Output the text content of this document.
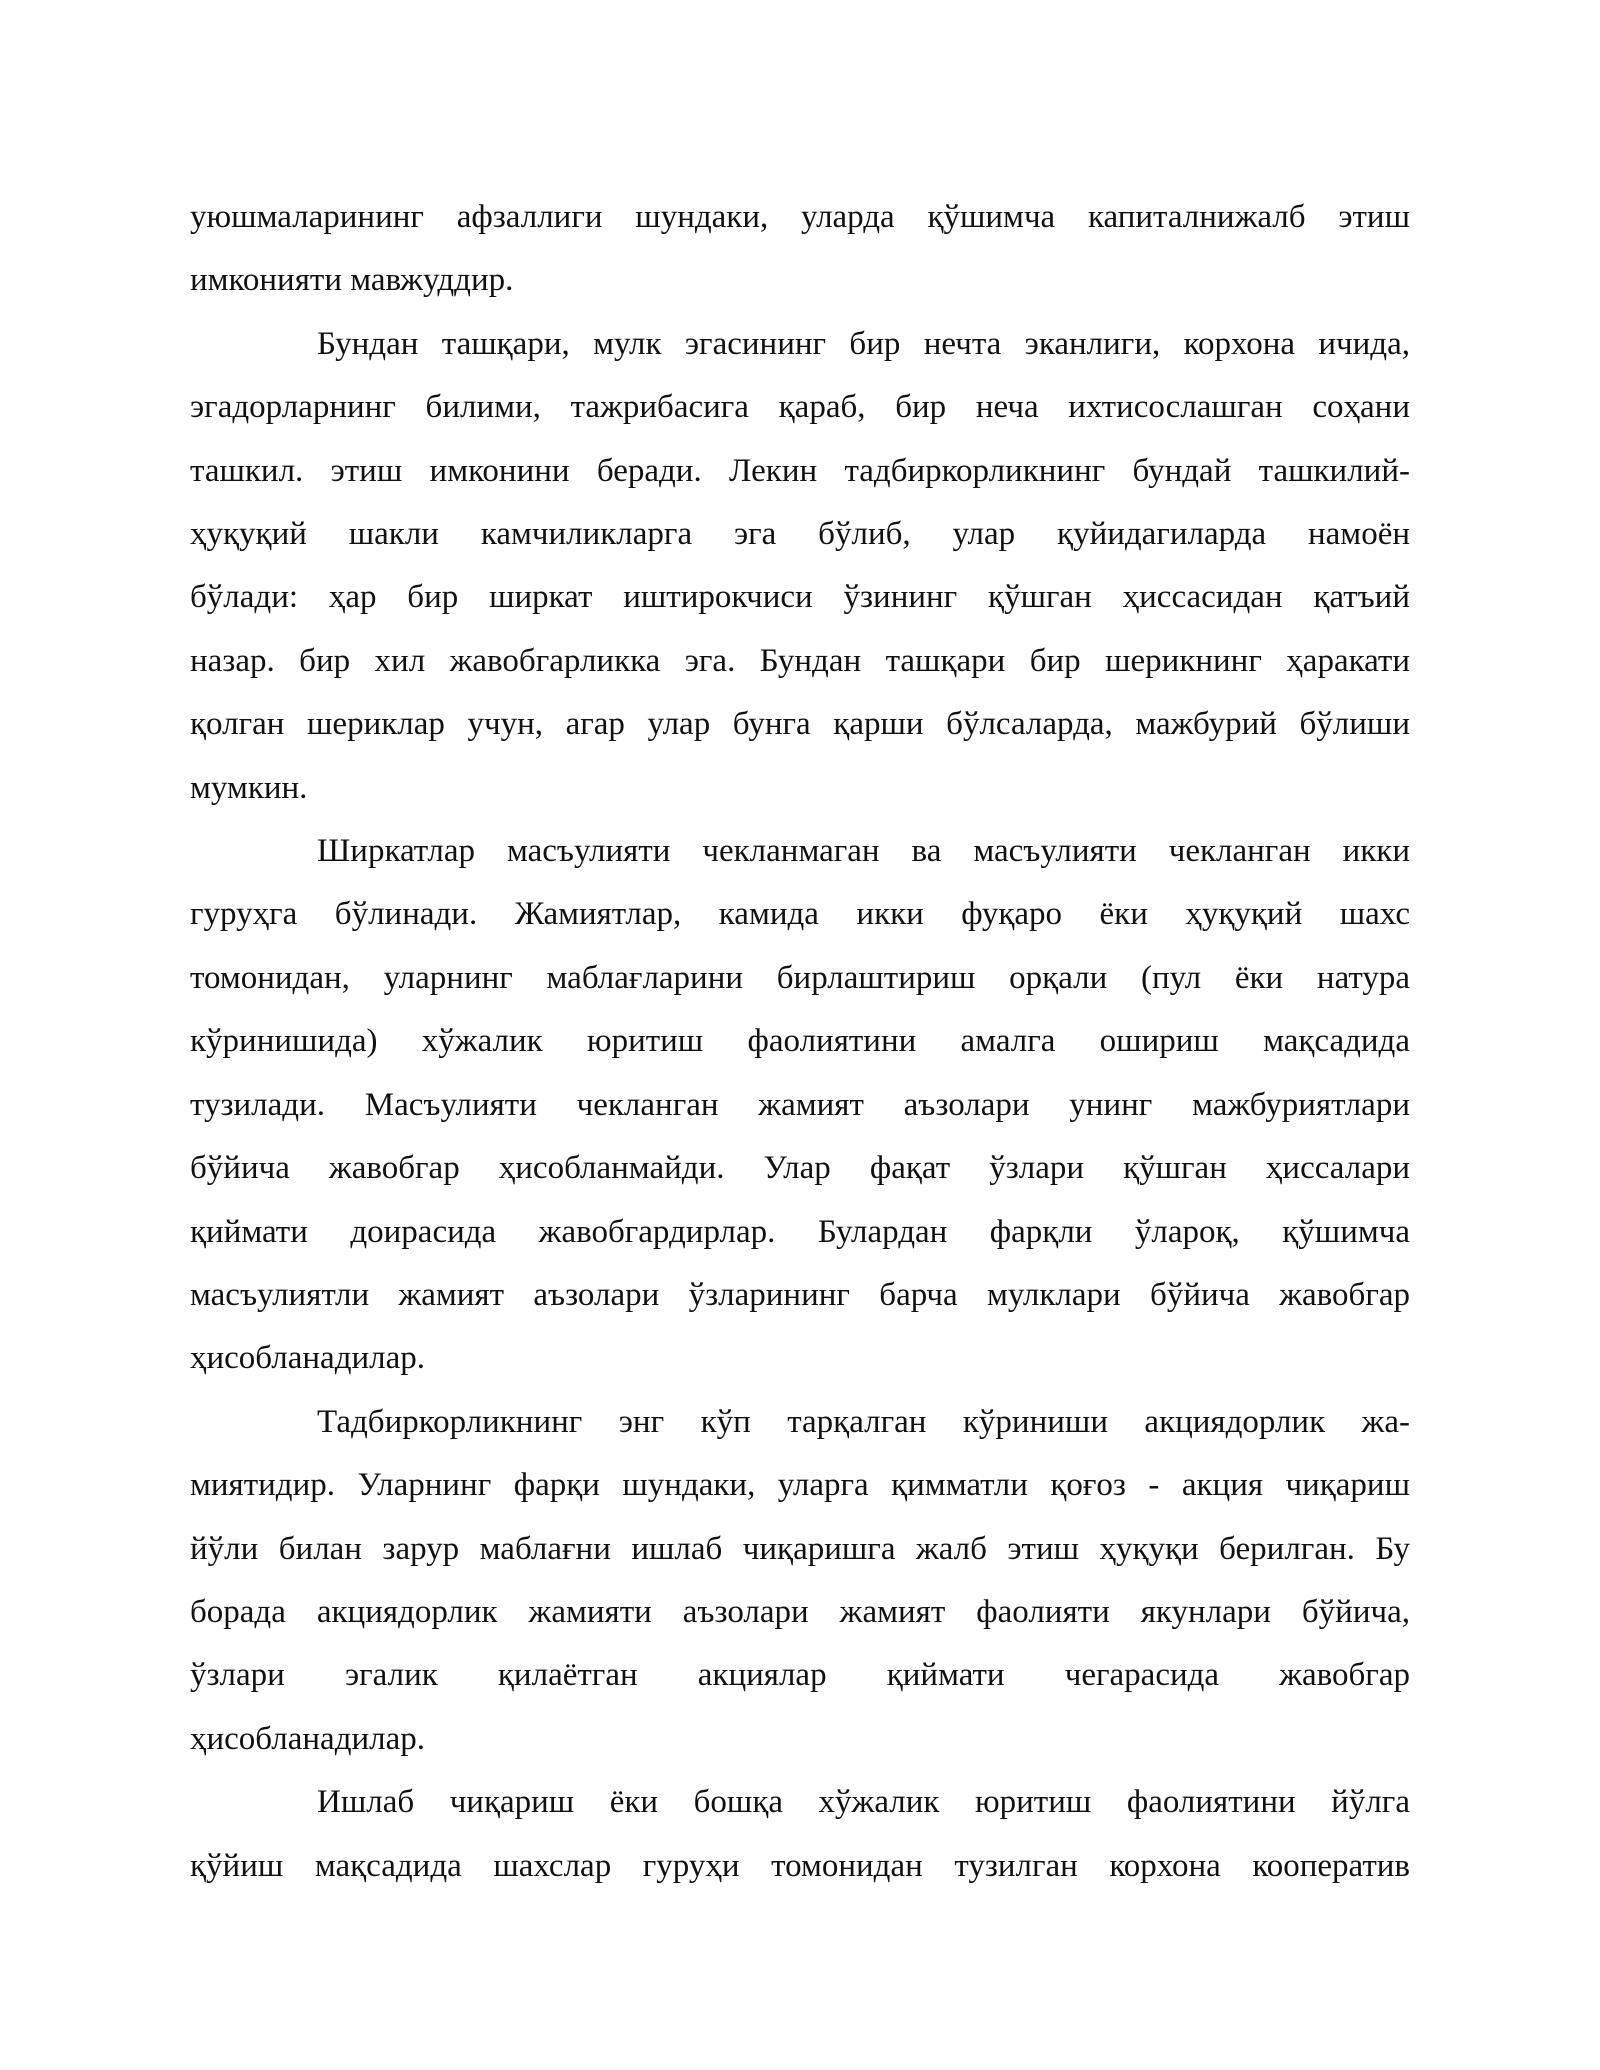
уюшмаларининг афзаллиги шундаки, уларда қўшимча капиталнижалб этиш
имконияти мавжуддир.
Бундан ташқари, мулк эгасининг бир нечта эканлиги, корхона ичида,
эгадорларнинг билими, тажрибасига қараб, бир неча ихтисослашган соҳани
ташкил. этиш имконини беради. Лекин тадбиркорликнинг бундай ташкилий-
ҳуқуқий шакли камчиликларга эга бўлиб, улар қуйидагиларда намоён
бўлади: ҳар бир ширкат иштирокчиси ўзининг қўшган ҳиссасидан қатъий
назар. бир хил жавобгарликка эга. Бундан ташқари бир шерикнинг ҳаракати
қолган шериклар учун, агар улар бунга қарши бўлсаларда, мажбурий бўлиши
мумкин.
Ширкатлар масъулияти чекланмаган ва масъулияти чекланган икки
гуруҳга бўлинади. Жамиятлар, камида икки фуқаро ёки ҳуқуқий шахс
томонидан, уларнинг маблағларини бирлаштириш орқали (пул ёки натура
кўринишида) хўжалик юритиш фаолиятини амалга ошириш мақсадида
тузилади. Масъулияти чекланган жамият аъзолари унинг мажбуриятлари
бўйича жавобгар ҳисобланмайди. Улар фақат ўзлари қўшган ҳиссалари
қиймати доирасида жавобгардирлар. Булардан фарқли ўлароқ, қўшимча
масъулиятли жамият аъзолари ўзларининг барча мулклари бўйича жавобгар
ҳисобланадилар.
Тадбиркорликнинг энг кўп тарқалган кўриниши акциядорлик жа-
миятидир. Уларнинг фарқи шундаки, уларга қимматли қоғоз - акция чиқариш
йўли билан зарур маблағни ишлаб чиқаришга жалб этиш ҳуқуқи берилган. Бу
борада акциядорлик жамияти аъзолари жамият фаолияти якунлари бўйича,
ўзлари эгалик қилаётган акциялар қиймати чегарасида жавобгар
ҳисобланадилар.
Ишлаб чиқариш ёки бошқа хўжалик юритиш фаолиятини йўлга
қўйиш мақсадида шахслар гуруҳи томонидан тузилган корхона кооператив
